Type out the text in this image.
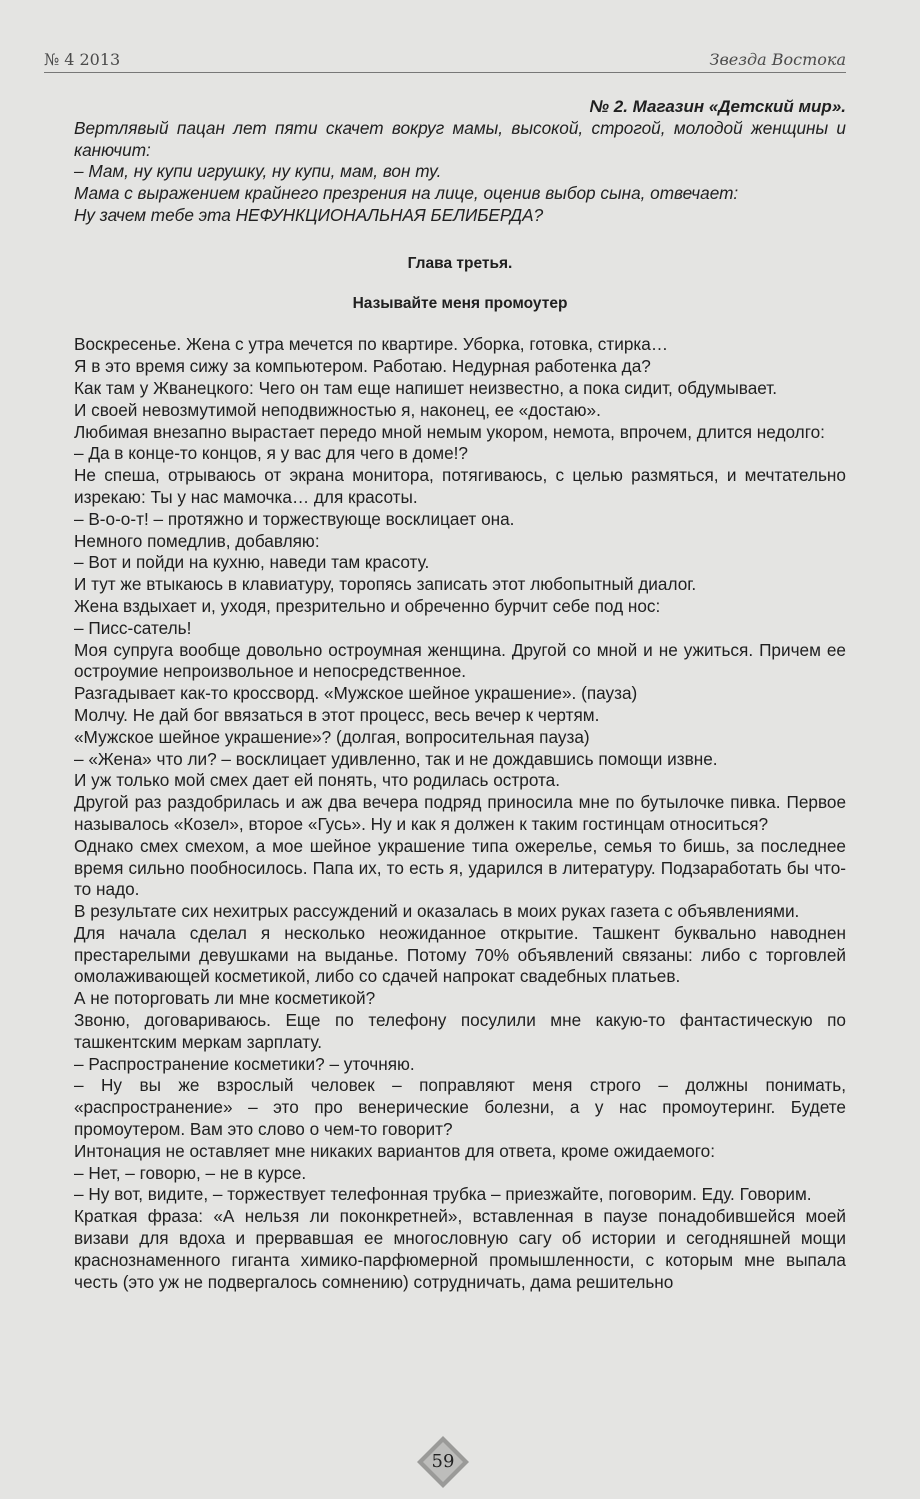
№ 4 2013	Звезда Востока

№ 2. Магазин «Детский мир».

Вертлявый пацан лет пяти скачет вокруг мамы, высокой, строгой, молодой женщины и канючит:

– Мам, ну купи игрушку, ну купи, мам, вон ту.

Мама с выражением крайнего презрения на лице, оценив выбор сына, отвечает:

Ну зачем тебе эта НЕФУНКЦИОНАЛЬНАЯ БЕЛИБЕРДА?

Глава третья.

Называйте меня промоутер

Воскресенье. Жена с утра мечется по квартире. Уборка, готовка, стирка…

Я в это время сижу за компьютером. Работаю. Недурная работенка да?

Как там у Жванецкого: Чего он там еще напишет неизвестно, а пока сидит, обдумывает.

И своей невозмутимой неподвижностью я, наконец, ее «достаю».

Любимая внезапно вырастает передо мной немым укором, немота, впрочем, длится недолго:

– Да в конце-то концов, я у вас для чего в доме!?

Не спеша, отрываюсь от экрана монитора, потягиваюсь, с целью размяться, и мечтательно изрекаю: Ты у нас мамочка… для красоты.

– В-о-о-т! – протяжно и торжествующе восклицает она.

Немного помедлив, добавляю:

– Вот и пойди на кухню, наведи там красоту.

И тут же втыкаюсь в клавиатуру, торопясь записать этот любопытный диалог.

Жена вздыхает и, уходя, презрительно и обреченно бурчит себе под нос:

– Писс-сатель!

Моя супруга вообще довольно остроумная женщина. Другой со мной и не ужиться. Причем ее остроумие непроизвольное и непосредственное.

Разгадывает как-то кроссворд. «Мужское шейное украшение». (пауза)

Молчу. Не дай бог ввязаться в этот процесс, весь вечер к чертям.

«Мужское шейное украшение»? (долгая, вопросительная пауза)

– «Жена» что ли? – восклицает удивленно, так и не дождавшись помощи извне.

И уж только мой смех дает ей понять, что родилась острота.

Другой раз раздобрилась и аж два вечера подряд приносила мне по бутылочке пивка. Первое называлось «Козел», второе «Гусь». Ну и как я должен к таким гостинцам относиться?

Однако смех смехом, а мое шейное украшение типа ожерелье, семья то бишь, за последнее время сильно пообносилось. Папа их, то есть я, ударился в литературу. Подзаработать бы что-то надо.

В результате сих нехитрых рассуждений и оказалась в моих руках газета с объявлениями.

Для начала сделал я несколько неожиданное открытие. Ташкент буквально наводнен престарелыми девушками на выданье. Потому 70% объявлений связаны: либо с торговлей омолаживающей косметикой, либо со сдачей напрокат свадебных платьев.

А не поторговать ли мне косметикой?

Звоню, договариваюсь. Еще по телефону посулили мне какую-то фантастическую по ташкентским меркам зарплату.

– Распространение косметики? – уточняю.

– Ну вы же взрослый человек – поправляют меня строго – должны понимать, «распространение» – это про венерические болезни, а у нас промоутеринг. Будете промоутером. Вам это слово о чем-то говорит?

Интонация не оставляет мне никаких вариантов для ответа, кроме ожидаемого:

– Нет, – говорю, – не в курсе.

– Ну вот, видите, – торжествует телефонная трубка – приезжайте, поговорим. Еду. Говорим.

Краткая фраза: «А нельзя ли поконкретней», вставленная в паузе понадобившейся моей визави для вдоха и прервавшая ее многословную сагу об истории и сегодняшней мощи краснознаменного гиганта химико-парфюмерной промышленности, с которым мне выпала честь (это уж не подвергалось сомнению) сотрудничать, дама решительно

59
